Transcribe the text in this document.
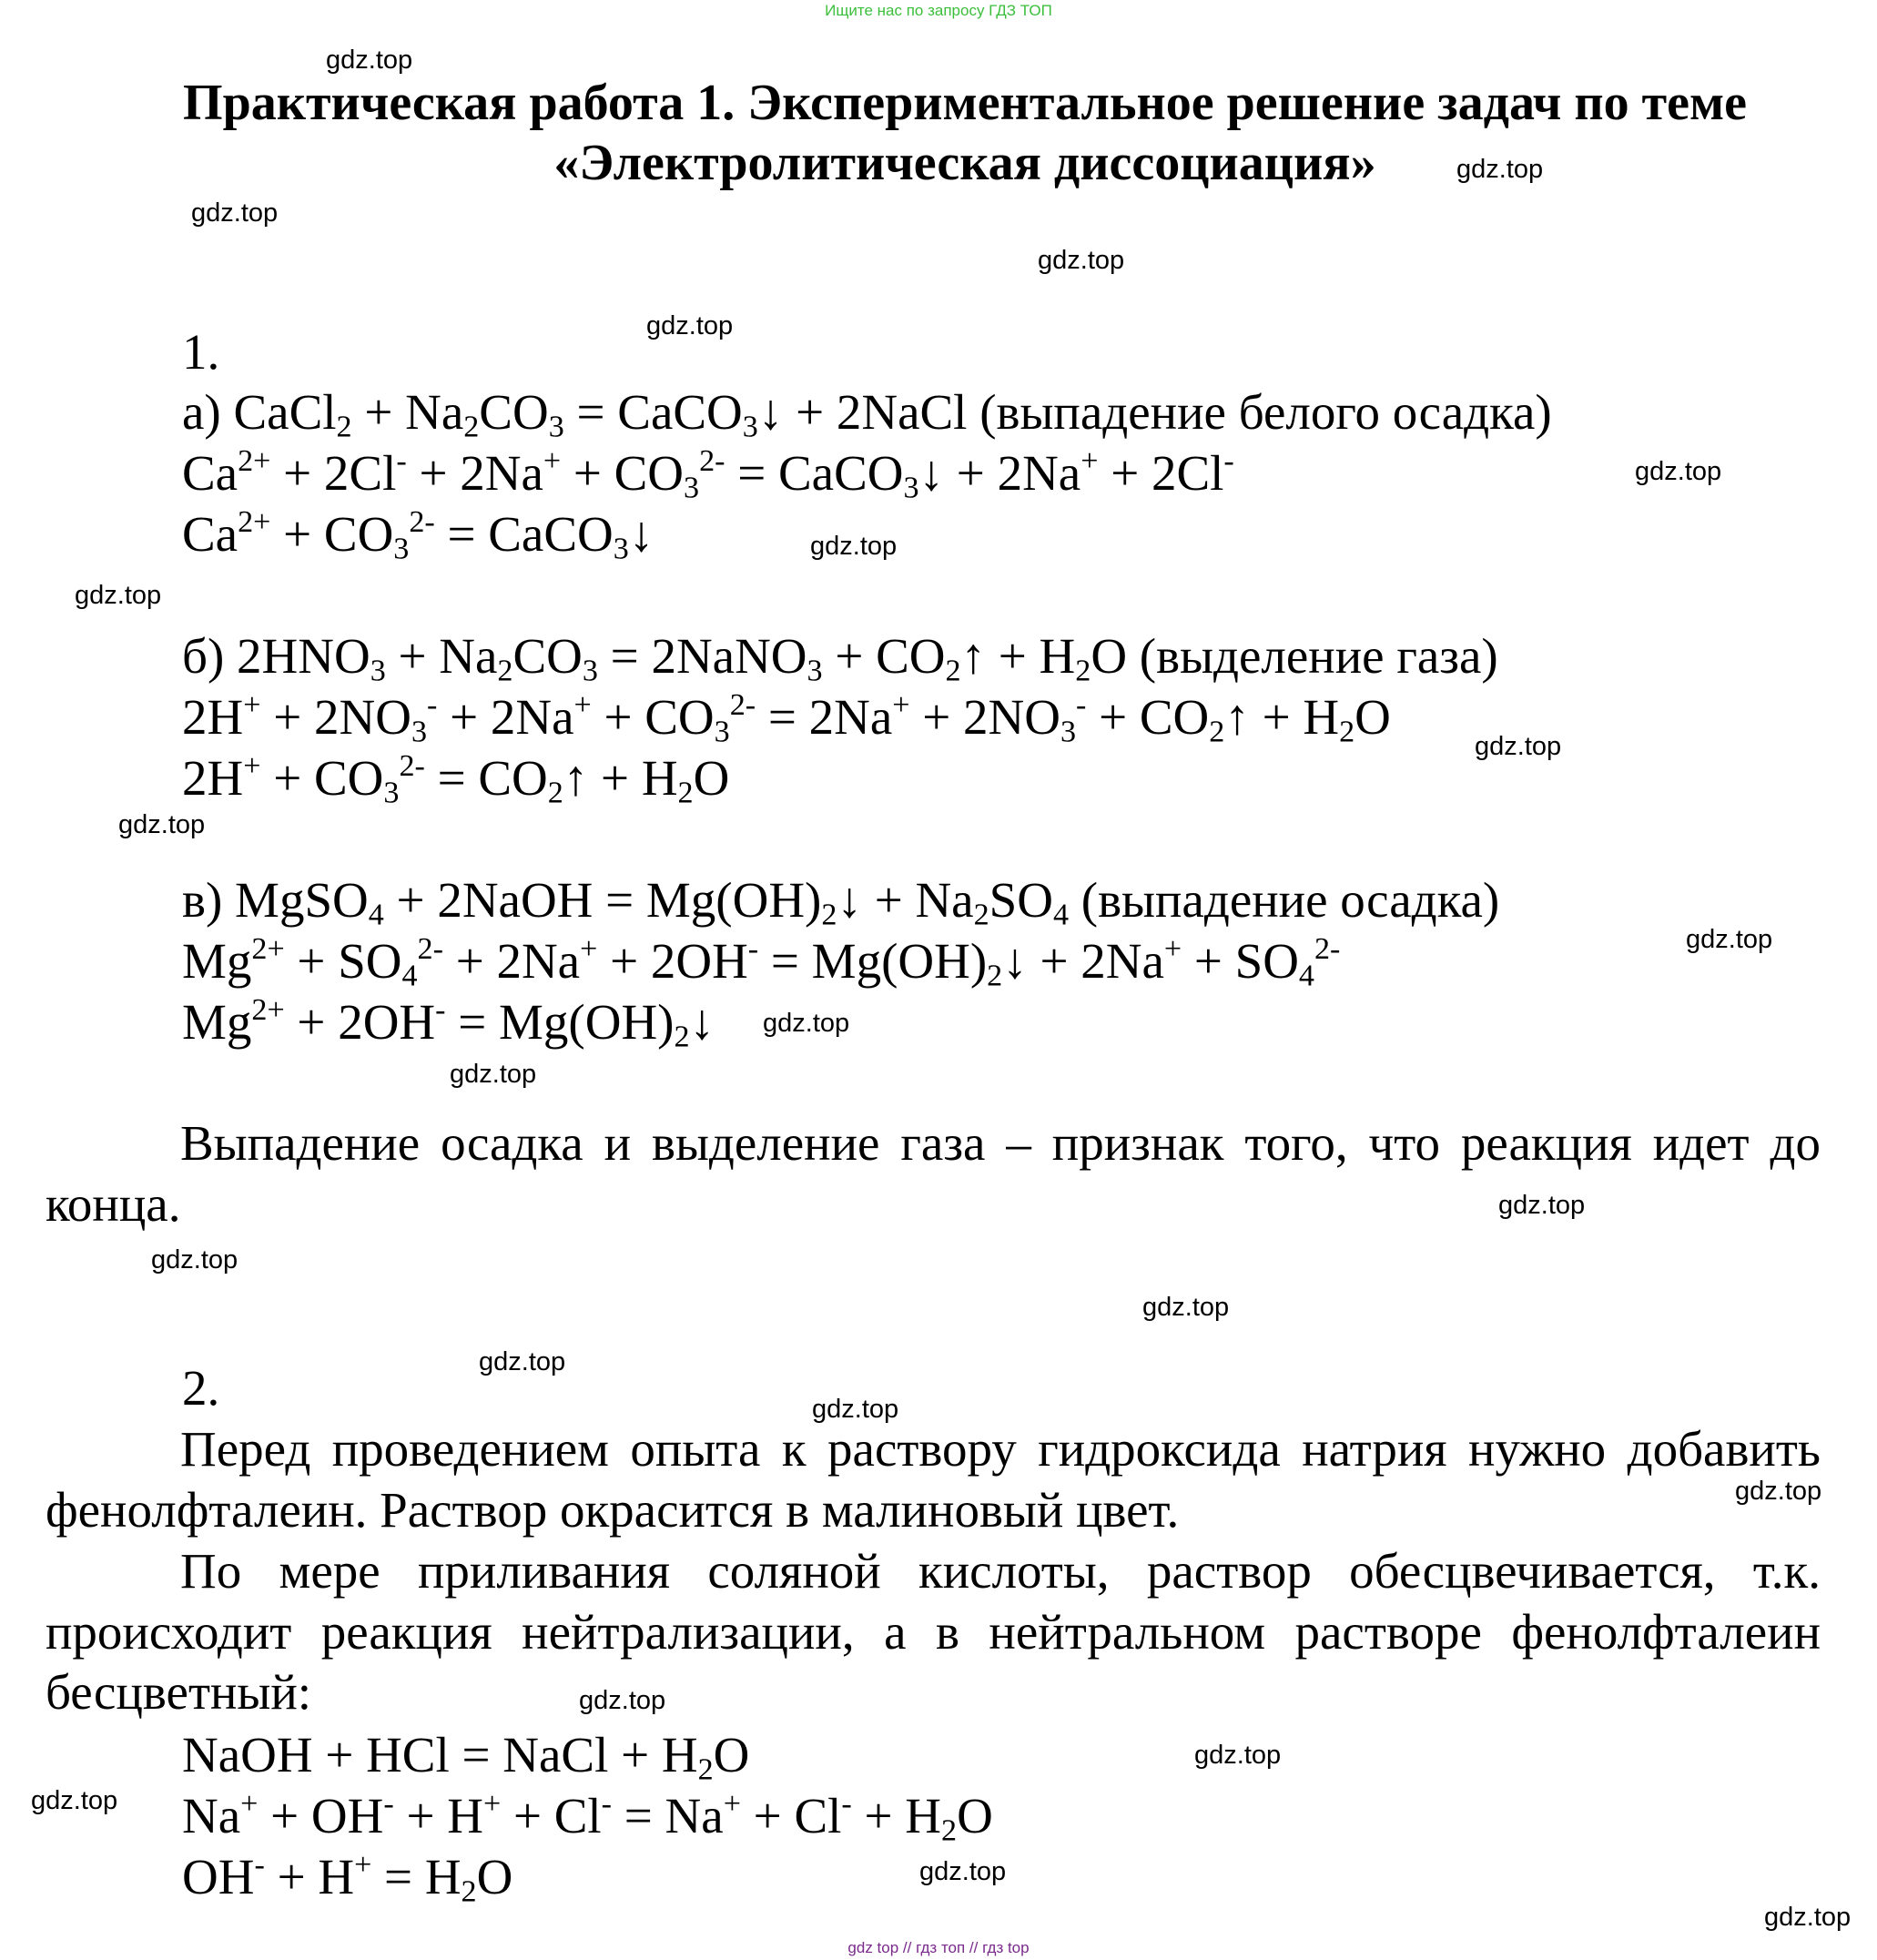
Ищите нас по запросу ГДЗ ТОП
Практическая работа 1. Экспериментальное решение задач по теме
«Электролитическая диссоциация»
1.
а) CaCl$_2$ + $Na_2CO_3$ = CaCO$_3$↓ + 2NaCl (выпадение белого осадка)
$Ca^{2+} + 2Cl^- + 2Na^+ + CO_3^{2-}$ = CaCO$_3$↓ + 2Na+ + 2Cl-
$Ca^{2+} + CO_3^{2-}$ = CaCO$_3$↓
б) $2HNO_3 + Na_2CO_3$ = 2NaNO$_3$ + $CO_2↑ + H_2O$ (выделение газа)
$2H^+ + 2NO_3^- + 2Na^+ + CO_3^{2-} = 2Na^+ + 2NO_3^-$ + $CO_2↑ + H_2O$
$2H^+ + CO_3^{2-}$ = $CO_2↑ + H_2O$
в) MgSO$_4$ + 2NaOH = $Mg(OH)_2↓ + Na_2SO_4$ (выпадение осадка)
$Mg^{2+} + SO_4^{2-} + 2Na^+ + 2OH^-$ = $Mg(OH)_2↓ + 2Na^+ + SO_4^{2-}$
$Mg^{2+} + 2OH^-$ = $Mg(OH)_2↓$
Выпадение осадка и выделение газа – признак того, что реакция идет до конца.
2.
Перед проведением опыта к раствору гидроксида натрия нужно добавить фенолфталеин. Раствор окрасится в малиновый цвет.
По мере приливания соляной кислоты, раствор обесцвечивается, т.к. происходит реакция нейтрализации, а в нейтральном растворе фенолфталеин бесцветный:
NaOH + HCl = NaCl + $H_2O$
$Na^+ + OH^- + H^+ + Cl^- = Na^+ + Cl^- + H_2O$
$OH^- + H^+ = H_2O$
gdz.top
gdz.top
gdz.top
gdz.top
gdz.top
gdz.top
gdz.top
gdz.top
gdz.top
gdz.top
gdz.top
gdz.top
gdz.top
gdz.top
gdz.top
gdz.top
gdz.top
gdz.top
gdz.top
gdz.top
gdz.top
gdz.top
gdz.top
gdz.top
gdz top // гдз топ // гдз top
